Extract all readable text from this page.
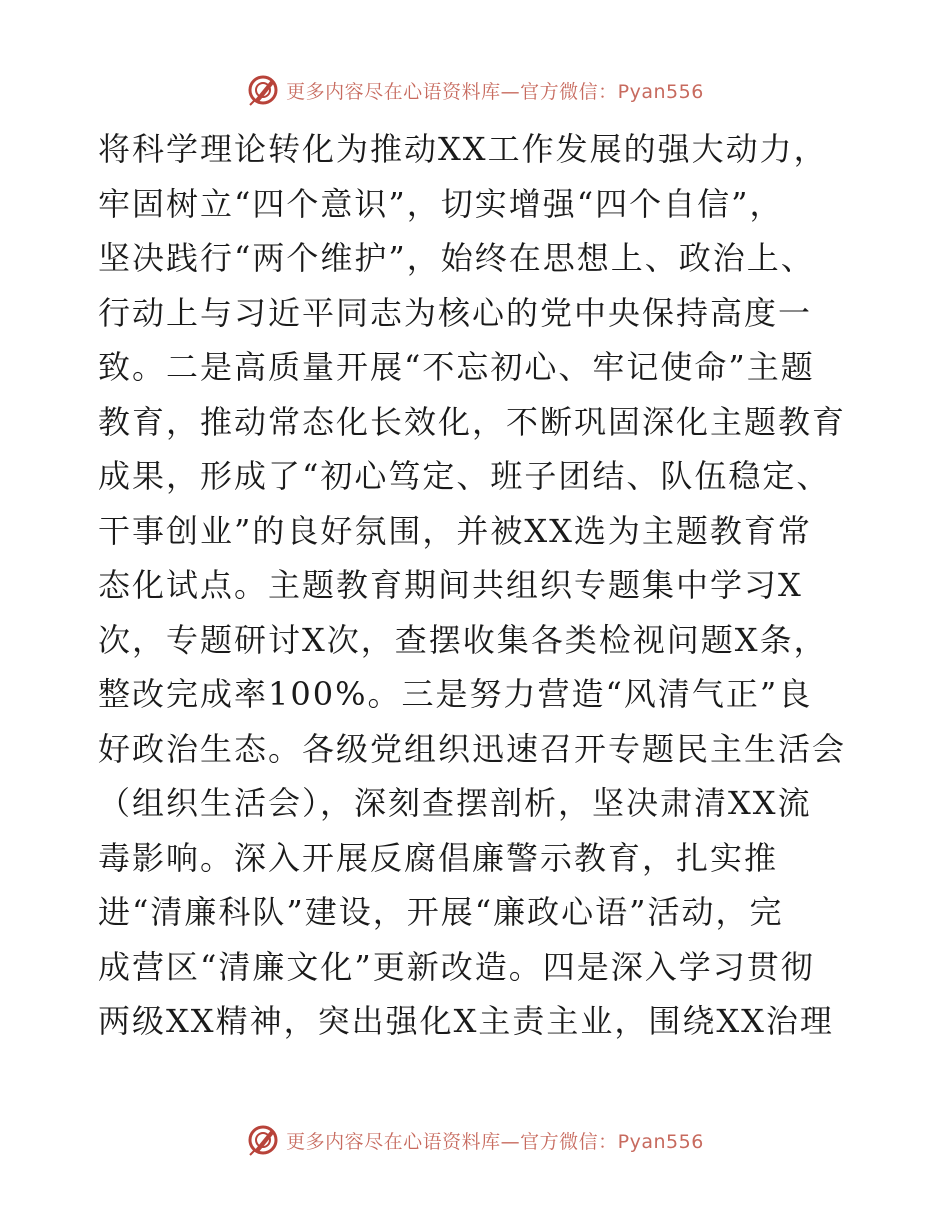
更多内容尽在心语资料库—官方微信：Pyan556
将科学理论转化为推动XX工作发展的强大动力，
牢固树立“四个意识”，切实增强“四个自信”，
坚决践行“两个维护”，始终在思想上、政治上、
行动上与习近平同志为核心的党中央保持高度一
致。二是高质量开展“不忘初心、牢记使命”主题
教育，推动常态化长效化，不断巩固深化主题教育
成果，形成了“初心笃定、班子团结、队伍稳定、
干事创业”的良好氛围，并被XX选为主题教育常
态化试点。主题教育期间共组织专题集中学习X
次，专题研讨X次，查摆收集各类检视问题X条，
整改完成率100%。三是努力营造“风清气正”良
好政治生态。各级党组织迅速召开专题民主生活会
（组织生活会），深刻查摆剖析，坚决肃清XX流
毒影响。深入开展反腐倡廉警示教育，扎实推
进“清廉科队”建设，开展“廉政心语”活动，完
成营区“清廉文化”更新改造。四是深入学习贯彻
两级XX精神，突出强化X主责主业，围绕XX治理
更多内容尽在心语资料库—官方微信：Pyan556
